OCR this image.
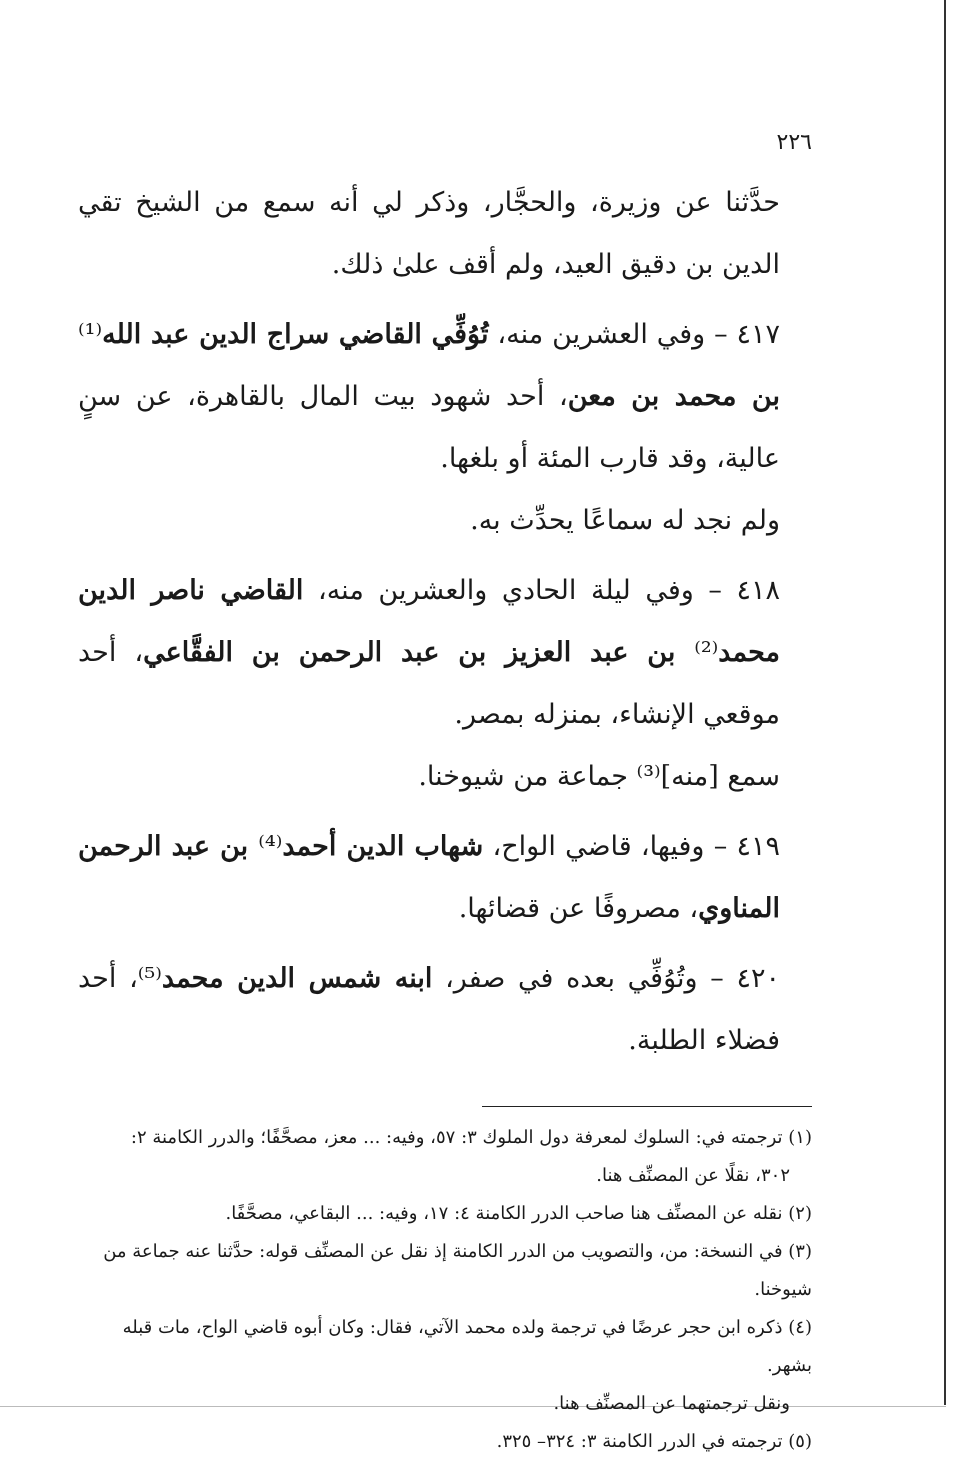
٢٢٦

حدَّثنا عن وزيرة، والحجَّار، وذكر لي أنه سمع من الشيخ تقي الدين بن دقيق العيد، ولم أقف علىٰ ذلك.

٤١٧ – وفي العشرين منه، تُوُفِّي القاضي سراج الدين عبد الله⁽¹⁾ بن محمد بن معن، أحد شهود بيت المال بالقاهرة، عن سنٍ عالية، وقد قارب المئة أو بلغها.

ولم نجد له سماعًا يحدِّث به.

٤١٨ – وفي ليلة الحادي والعشرين منه، القاضي ناصر الدين محمد⁽²⁾ بن عبد العزيز بن عبد الرحمن بن الفقَّاعي، أحد موقعي الإنشاء، بمنزله بمصر.

سمع [منه]⁽³⁾ جماعة من شيوخنا.

٤١٩ – وفيها، قاضي الواح، شهاب الدين أحمد⁽⁴⁾ بن عبد الرحمن المناوي، مصروفًا عن قضائها.

٤٢٠ – وتُوُفِّي بعده في صفر، ابنه شمس الدين محمد⁽⁵⁾، أحد فضلاء الطلبة.

(١) ترجمته في: السلوك لمعرفة دول الملوك ٣: ٥٧، وفيه: ... معز، مصحَّفًا؛ والدرر الكامنة ٢:

٣٠٢، نقلًا عن المصنِّف هنا.

(٢) نقله عن المصنِّف هنا صاحب الدرر الكامنة ٤: ١٧، وفيه: ... البقاعي، مصحَّفًا.

(٣) في النسخة: من، والتصويب من الدرر الكامنة إذ نقل عن المصنِّف قوله: حدَّثنا عنه جماعة من شيوخنا.

(٤) ذكره ابن حجر عرضًا في ترجمة ولده محمد الآتي، فقال: وكان أبوه قاضي الواح، مات قبله بشهر.

ونقل ترجمتهما عن المصنِّف هنا.

(٥) ترجمته في الدرر الكامنة ٣: ٣٢٤– ٣٢٥.
